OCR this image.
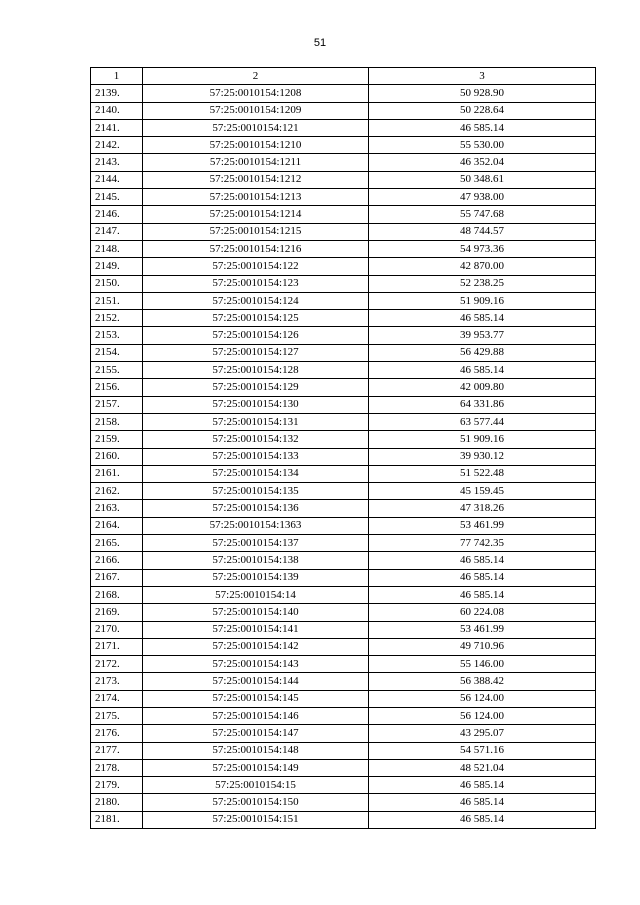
51
1	2	3
2139.	57:25:0010154:1208	50 928.90
2140.	57:25:0010154:1209	50 228.64
2141.	57:25:0010154:121	46 585.14
2142.	57:25:0010154:1210	55 530.00
2143.	57:25:0010154:1211	46 352.04
2144.	57:25:0010154:1212	50 348.61
2145.	57:25:0010154:1213	47 938.00
2146.	57:25:0010154:1214	55 747.68
2147.	57:25:0010154:1215	48 744.57
2148.	57:25:0010154:1216	54 973.36
2149.	57:25:0010154:122	42 870.00
2150.	57:25:0010154:123	52 238.25
2151.	57:25:0010154:124	51 909.16
2152.	57:25:0010154:125	46 585.14
2153.	57:25:0010154:126	39 953.77
2154.	57:25:0010154:127	56 429.88
2155.	57:25:0010154:128	46 585.14
2156.	57:25:0010154:129	42 009.80
2157.	57:25:0010154:130	64 331.86
2158.	57:25:0010154:131	63 577.44
2159.	57:25:0010154:132	51 909.16
2160.	57:25:0010154:133	39 930.12
2161.	57:25:0010154:134	51 522.48
2162.	57:25:0010154:135	45 159.45
2163.	57:25:0010154:136	47 318.26
2164.	57:25:0010154:1363	53 461.99
2165.	57:25:0010154:137	77 742.35
2166.	57:25:0010154:138	46 585.14
2167.	57:25:0010154:139	46 585.14
2168.	57:25:0010154:14	46 585.14
2169.	57:25:0010154:140	60 224.08
2170.	57:25:0010154:141	53 461.99
2171.	57:25:0010154:142	49 710.96
2172.	57:25:0010154:143	55 146.00
2173.	57:25:0010154:144	56 388.42
2174.	57:25:0010154:145	56 124.00
2175.	57:25:0010154:146	56 124.00
2176.	57:25:0010154:147	43 295.07
2177.	57:25:0010154:148	54 571.16
2178.	57:25:0010154:149	48 521.04
2179.	57:25:0010154:15	46 585.14
2180.	57:25:0010154:150	46 585.14
2181.	57:25:0010154:151	46 585.14
